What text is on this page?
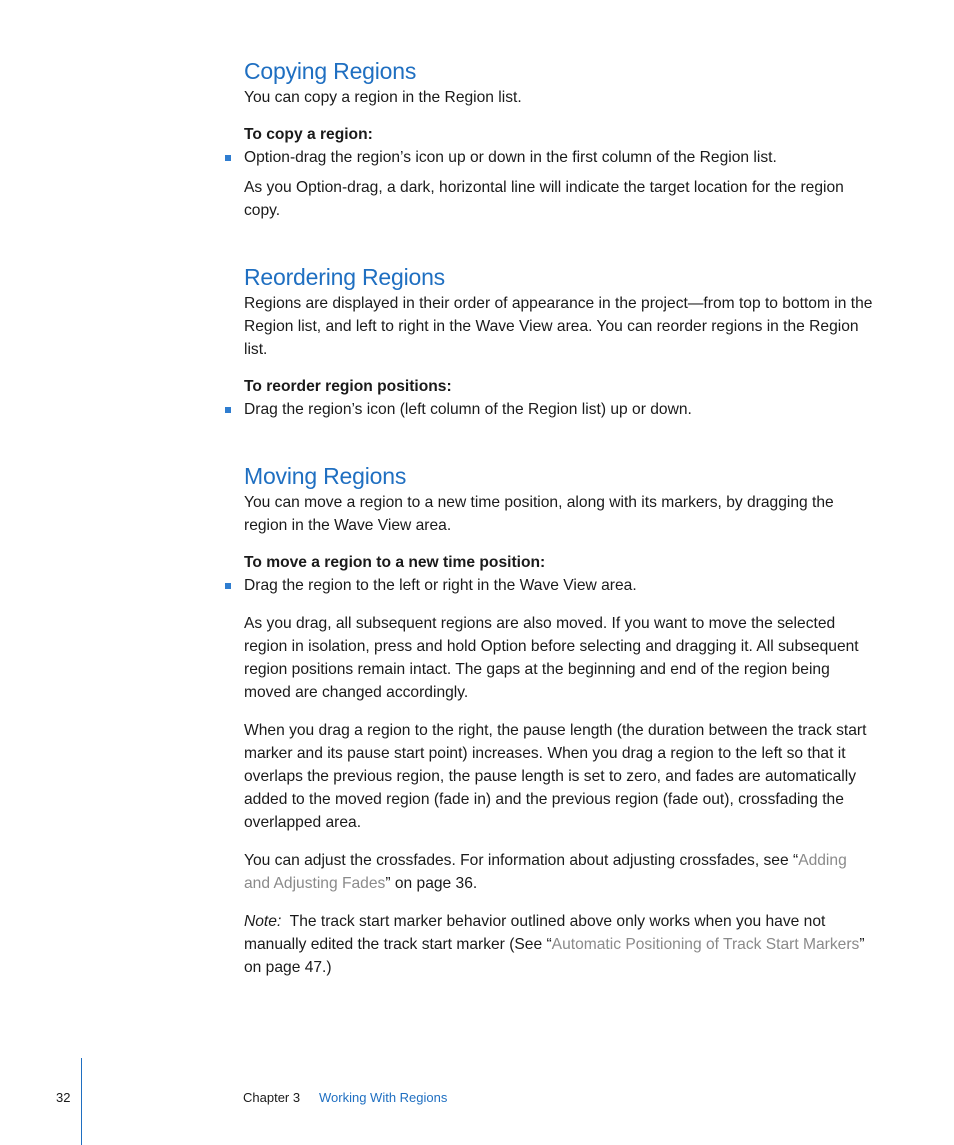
Copying Regions

You can copy a region in the Region list.

To copy a region:
Option-drag the region’s icon up or down in the first column of the Region list.

As you Option-drag, a dark, horizontal line will indicate the target location for the region copy.

Reordering Regions

Regions are displayed in their order of appearance in the project—from top to bottom in the Region list, and left to right in the Wave View area. You can reorder regions in the Region list.

To reorder region positions:
Drag the region’s icon (left column of the Region list) up or down.
Moving Regions

You can move a region to a new time position, along with its markers, by dragging the region in the Wave View area.

To move a region to a new time position:
Drag the region to the left or right in the Wave View area.

As you drag, all subsequent regions are also moved. If you want to move the selected region in isolation, press and hold Option before selecting and dragging it. All subsequent region positions remain intact. The gaps at the beginning and end of the region being moved are changed accordingly.

When you drag a region to the right, the pause length (the duration between the track start marker and its pause start point) increases. When you drag a region to the left so that it overlaps the previous region, the pause length is set to zero, and fades are automatically added to the moved region (fade in) and the previous region (fade out), crossfading the overlapped area.

You can adjust the crossfades. For information about adjusting crossfades, see “Adding and Adjusting Fades” on page 36.

Note:  The track start marker behavior outlined above only works when you have not manually edited the track start marker (See “Automatic Positioning of Track Start Markers” on page 47.)

32	Chapter 3 Working With Regions
